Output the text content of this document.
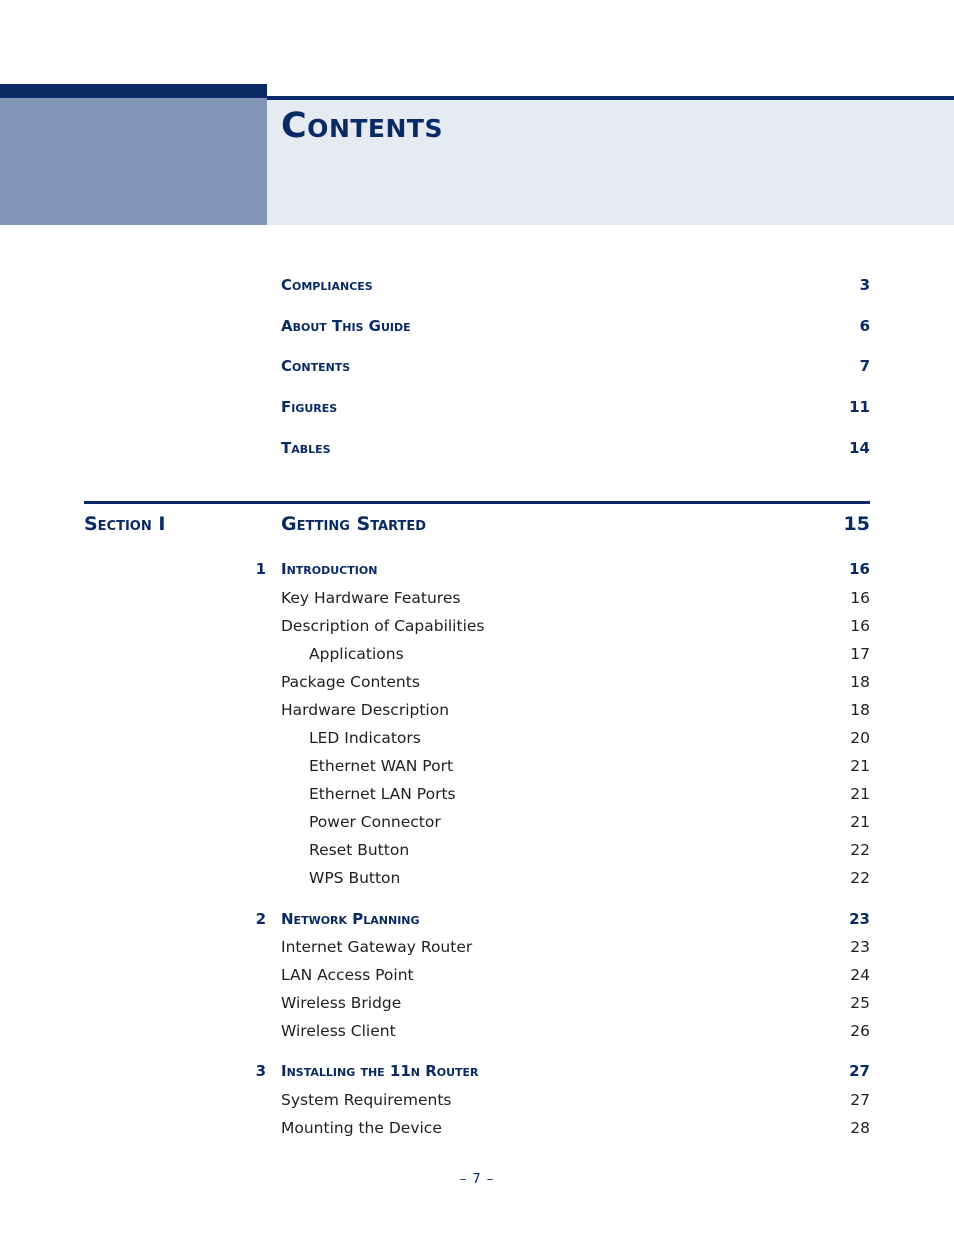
Contents
Compliances	3
About This Guide	6
Contents	7
Figures	11
Tables	14
Section I	Getting Started	15
1 Introduction	16
Key Hardware Features	16
Description of Capabilities	16
Applications	17
Package Contents	18
Hardware Description	18
LED Indicators	20
Ethernet WAN Port	21
Ethernet LAN Ports	21
Power Connector	21
Reset Button	22
WPS Button	22
2 Network Planning	23
Internet Gateway Router	23
LAN Access Point	24
Wireless Bridge	25
Wireless Client	26
3 Installing the 11n Router	27
System Requirements	27
Mounting the Device	28
– 7 –
